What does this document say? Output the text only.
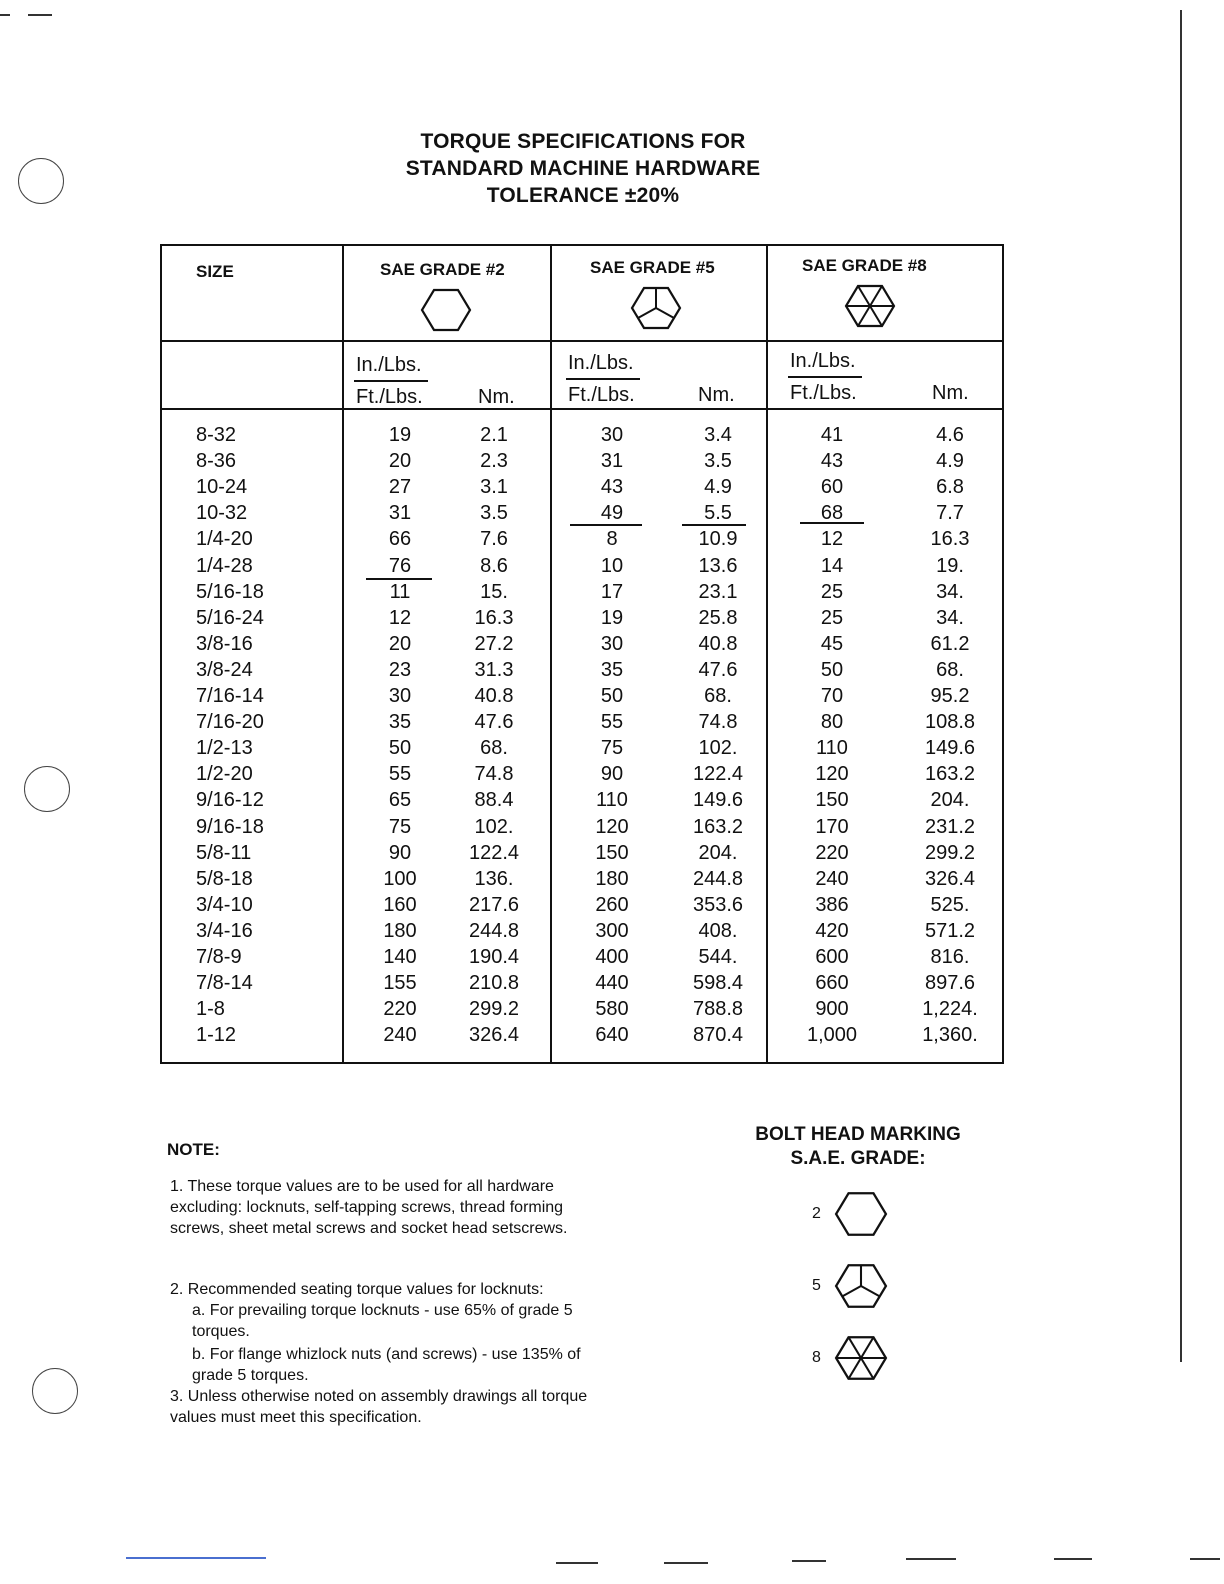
TORQUE SPECIFICATIONS FOR
STANDARD MACHINE HARDWARE
TOLERANCE ±20%
SIZE	SAE GRADE #2	SAE GRADE #5	SAE GRADE #8
In./Lbs.
Ft./Lbs.	Nm.
In./Lbs.
Ft./Lbs.	Nm.
In./Lbs.
Ft./Lbs.	Nm.
8-32	19	2.1	30	3.4	41	4.6
8-36	20	2.3	31	3.5	43	4.9
10-24	27	3.1	43	4.9	60	6.8
10-32	31	3.5	49	5.5	68	7.7
1/4-20	66	7.6	8	10.9	12	16.3
1/4-28	76	8.6	10	13.6	14	19.
5/16-18	11	15.	17	23.1	25	34.
5/16-24	12	16.3	19	25.8	25	34.
3/8-16	20	27.2	30	40.8	45	61.2
3/8-24	23	31.3	35	47.6	50	68.
7/16-14	30	40.8	50	68.	70	95.2
7/16-20	35	47.6	55	74.8	80	108.8
1/2-13	50	68.	75	102.	110	149.6
1/2-20	55	74.8	90	122.4	120	163.2
9/16-12	65	88.4	110	149.6	150	204.
9/16-18	75	102.	120	163.2	170	231.2
5/8-11	90	122.4	150	204.	220	299.2
5/8-18	100	136.	180	244.8	240	326.4
3/4-10	160	217.6	260	353.6	386	525.
3/4-16	180	244.8	300	408.	420	571.2
7/8-9	140	190.4	400	544.	600	816.
7/8-14	155	210.8	440	598.4	660	897.6
1-8	220	299.2	580	788.8	900	1,224.
1-12	240	326.4	640	870.4	1,000	1,360.
NOTE:
1. These torque values are to be used for all hardware excluding: locknuts, self-tapping screws, thread forming screws, sheet metal screws and socket head setscrews.
2. Recommended seating torque values for locknuts:
a. For prevailing torque locknuts - use 65% of grade 5 torques.
b. For flange whizlock nuts (and screws) - use 135% of grade 5 torques.
3. Unless otherwise noted on assembly drawings all torque values must meet this specification.
BOLT HEAD MARKING
S.A.E. GRADE:
2
5
8
